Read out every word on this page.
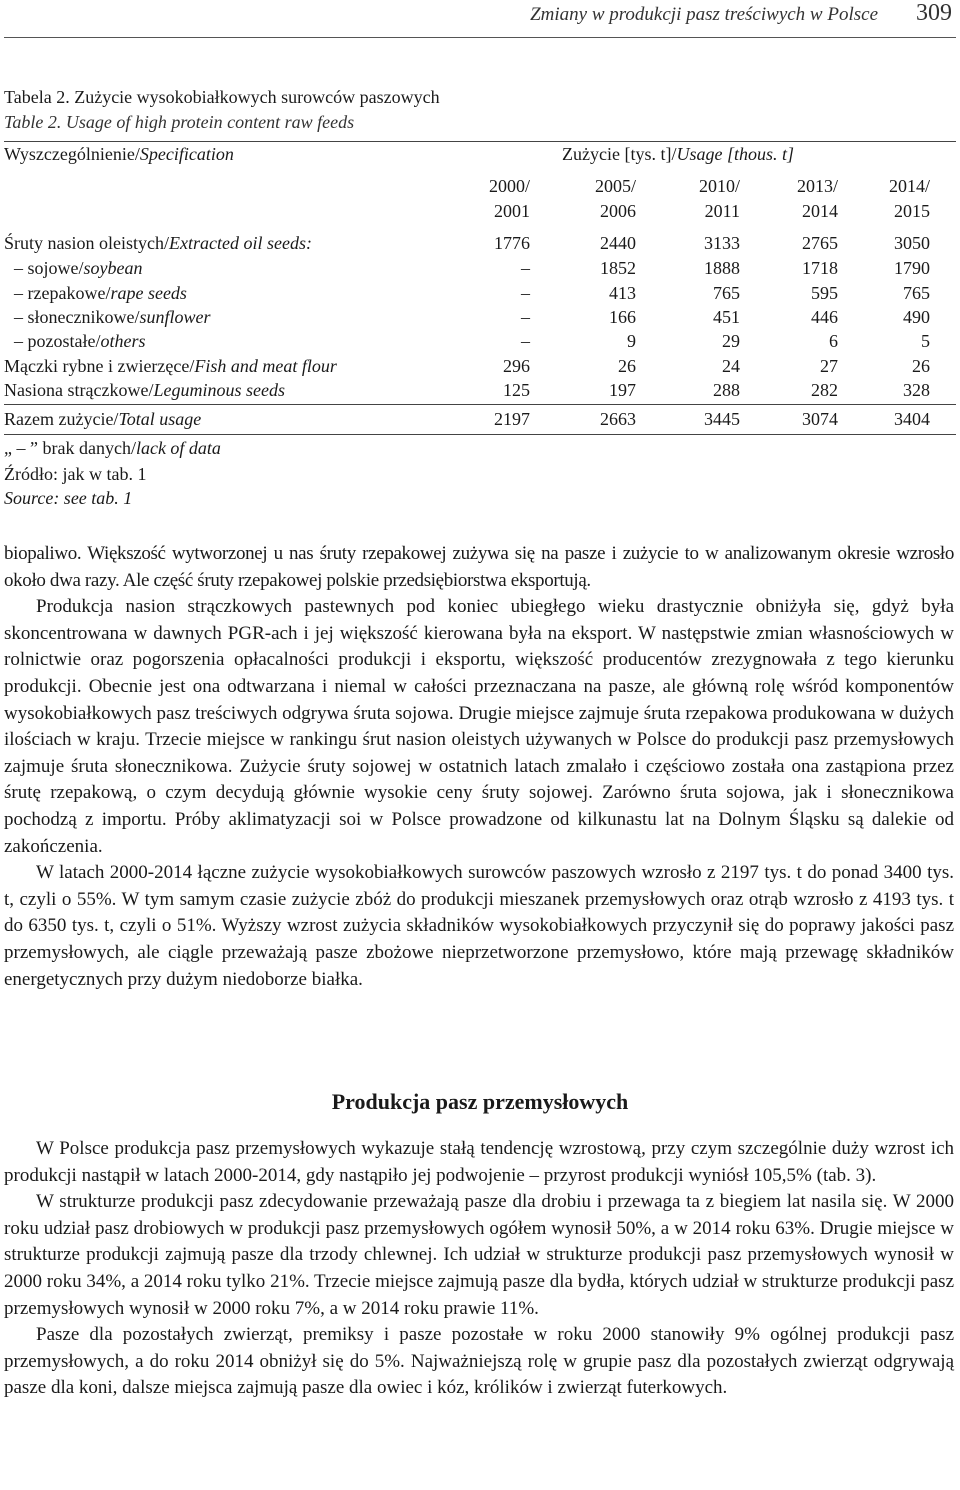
Zmiany w produkcji pasz treściwych w Polsce 309
Tabela 2. Zużycie wysokobiałkowych surowców paszowych
Table 2. Usage of high protein content raw feeds
Wyszczególnienie/Specification	Zużycie [tys. t]/Usage [thous. t]
2000/	2005/	2010/	2013/	2014/
2001	2006	2011	2014	2015
Śruty nasion oleistych/Extracted oil seeds:	1776	2440	3133	2765	3050
– sojowe/soybean	–	1852	1888	1718	1790
– rzepakowe/rape seeds	–	413	765	595	765
– słonecznikowe/sunflower	–	166	451	446	490
– pozostałe/others	–	9	29	6	5
Mączki rybne i zwierzęce/Fish and meat flour	296	26	24	27	26
Nasiona strączkowe/Leguminous seeds	125	197	288	282	328
Razem zużycie/Total usage	2197	2663	3445	3074	3404
„ – ” brak danych/lack of data
Źródło: jak w tab. 1
Source: see tab. 1

biopaliwo. Większość wytworzonej u nas śruty rzepakowej zużywa się na pasze i zużycie to w analizowanym okresie wzrosło około dwa razy. Ale część śruty rzepakowej polskie przedsiębiorstwa eksportują.

Produkcja nasion strączkowych pastewnych pod koniec ubiegłego wieku drastycznie obniżyła się, gdyż była skoncentrowana w dawnych PGR-ach i jej większość kierowana była na eksport. W następstwie zmian własnościowych w rolnictwie oraz pogorszenia opłacalności produkcji i eksportu, większość producentów zrezygnowała z tego kierunku produkcji. Obecnie jest ona odtwarzana i niemal w całości przeznaczana na pasze, ale główną rolę wśród komponentów wysokobiałkowych pasz treściwych odgrywa śruta sojowa. Drugie miejsce zajmuje śruta rzepakowa produkowana w dużych ilościach w kraju. Trzecie miejsce w rankingu śrut nasion oleistych używanych w Polsce do produkcji pasz przemysłowych zajmuje śruta słonecznikowa. Zużycie śruty sojowej w ostatnich latach zmalało i częściowo została ona zastąpiona przez śrutę rzepakową, o czym decydują głównie wysokie ceny śruty sojowej. Zarówno śruta sojowa, jak i słonecznikowa pochodzą z importu. Próby aklimatyzacji soi w Polsce prowadzone od kilkunastu lat na Dolnym Śląsku są dalekie od zakończenia.

W latach 2000-2014 łączne zużycie wysokobiałkowych surowców paszowych wzrosło z 2197 tys. t do ponad 3400 tys. t, czyli o 55%. W tym samym czasie zużycie zbóż do produkcji mieszanek przemysłowych oraz otrąb wzrosło z 4193 tys. t do 6350 tys. t, czyli o 51%. Wyższy wzrost zużycia składników wysokobiałkowych przyczynił się do poprawy jakości pasz przemysłowych, ale ciągle przeważają pasze zbożowe nieprzetworzone przemysłowo, które mają przewagę składników energetycznych przy dużym niedoborze białka.

Produkcja pasz przemysłowych

W Polsce produkcja pasz przemysłowych wykazuje stałą tendencję wzrostową, przy czym szczególnie duży wzrost ich produkcji nastąpił w latach 2000-2014, gdy nastąpiło jej podwojenie – przyrost produkcji wyniósł 105,5% (tab. 3).

W strukturze produkcji pasz zdecydowanie przeważają pasze dla drobiu i przewaga ta z biegiem lat nasila się. W 2000 roku udział pasz drobiowych w produkcji pasz przemysłowych ogółem wynosił 50%, a w 2014 roku 63%. Drugie miejsce w strukturze produkcji zajmują pasze dla trzody chlewnej. Ich udział w strukturze produkcji pasz przemysłowych wynosił w 2000 roku 34%, a 2014 roku tylko 21%. Trzecie miejsce zajmują pasze dla bydła, których udział w strukturze produkcji pasz przemysłowych wynosił w 2000 roku 7%, a w 2014 roku prawie 11%.

Pasze dla pozostałych zwierząt, premiksy i pasze pozostałe w roku 2000 stanowiły 9% ogólnej produkcji pasz przemysłowych, a do roku 2014 obniżył się do 5%. Najważniejszą rolę w grupie pasz dla pozostałych zwierząt odgrywają pasze dla koni, dalsze miejsca zajmują pasze dla owiec i kóz, królików i zwierząt futerkowych.
